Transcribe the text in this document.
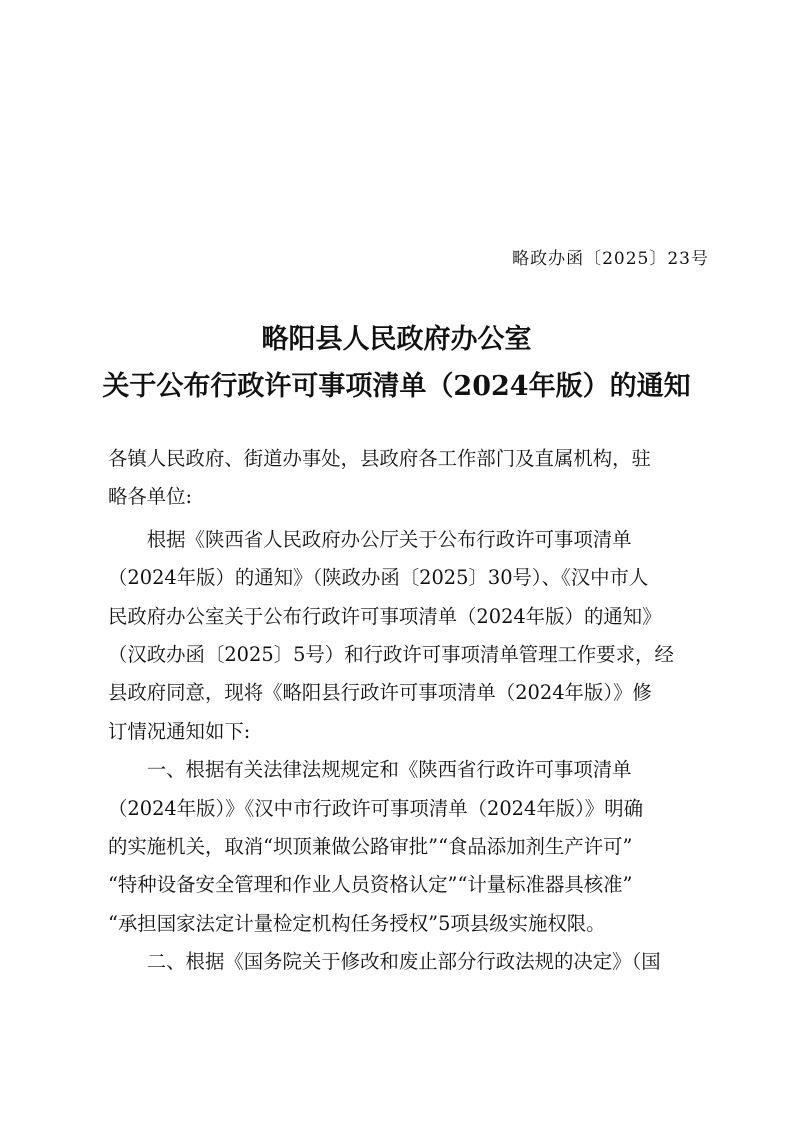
略政办函〔2025〕23号
略阳县人民政府办公室
关于公布行政许可事项清单（2024年版）的通知
各镇人民政府、街道办事处，县政府各工作部门及直属机构，驻
略各单位:
　　根据《陕西省人民政府办公厅关于公布行政许可事项清单
（2024年版）的通知》（陕政办函〔2025〕30号）、《汉中市人
民政府办公室关于公布行政许可事项清单（2024年版）的通知》
（汉政办函〔2025〕5号）和行政许可事项清单管理工作要求，经
县政府同意，现将《略阳县行政许可事项清单（2024年版）》修
订情况通知如下:
　　一、根据有关法律法规规定和《陕西省行政许可事项清单
（2024年版）》《汉中市行政许可事项清单（2024年版）》明确
的实施机关，取消“坝顶兼做公路审批”“食品添加剂生产许可”
“特种设备安全管理和作业人员资格认定”“计量标准器具核准”
“承担国家法定计量检定机构任务授权”5项县级实施权限。
　　二、根据《国务院关于修改和废止部分行政法规的决定》（国
